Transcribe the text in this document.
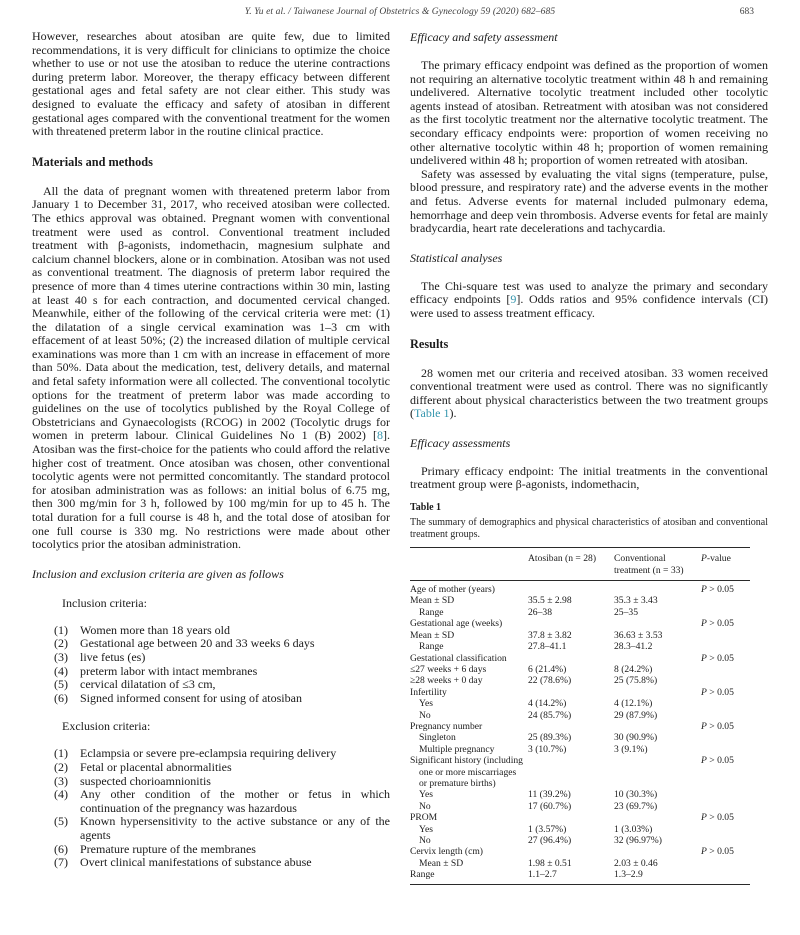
Y. Yu et al. / Taiwanese Journal of Obstetrics & Gynecology 59 (2020) 682–685	683

However, researches about atosiban are quite few, due to limited recommendations, it is very difficult for clinicians to optimize the choice whether to use or not use the atosiban to reduce the uterine contractions during preterm labor. Moreover, the therapy efficacy between different gestational ages and fetal safety are not clear either. This study was designed to evaluate the efficacy and safety of atosiban in different gestational ages compared with the conventional treatment for the women with threatened preterm labor in the routine clinical practice.

Materials and methods

All the data of pregnant women with threatened preterm labor from January 1 to December 31, 2017, who received atosiban were collected. The ethics approval was obtained. Pregnant women with conventional treatment were used as control. Conventional treatment included treatment with β-agonists, indomethacin, magnesium sulphate and calcium channel blockers, alone or in combination. Atosiban was not used as conventional treatment. The diagnosis of preterm labor required the presence of more than 4 times uterine contractions within 30 min, lasting at least 40 s for each contraction, and documented cervical changed. Meanwhile, either of the following of the cervical criteria were met: (1) the dilatation of a single cervical examination was 1–3 cm with effacement of at least 50%; (2) the increased dilation of multiple cervical examinations was more than 1 cm with an increase in effacement of more than 50%. Data about the medication, test, delivery details, and maternal and fetal safety information were all collected. The conventional tocolytic options for the treatment of preterm labor was made according to guidelines on the use of tocolytics published by the Royal College of Obstetricians and Gynaecologists (RCOG) in 2002 (Tocolytic drugs for women in preterm labour. Clinical Guidelines No 1 (B) 2002) [8]. Atosiban was the first-choice for the patients who could afford the relative higher cost of treatment. Once atosiban was chosen, other conventional tocolytic agents were not permitted concomitantly. The standard protocol for atosiban administration was as follows: an initial bolus of 6.75 mg, then 300 mg/min for 3 h, followed by 100 mg/min for up to 45 h. The total duration for a full course is 48 h, and the total dose of atosiban for one full course is 330 mg. No restrictions were made about other tocolytics prior the atosiban administration.

Inclusion and exclusion criteria are given as follows
Inclusion criteria:
(1)	Women more than 18 years old
(2)	Gestational age between 20 and 33 weeks 6 days
(3)	live fetus (es)
(4)	preterm labor with intact membranes
(5)	cervical dilatation of ≤3 cm,
(6)	Signed informed consent for using of atosiban
Exclusion criteria:
(1)	Eclampsia or severe pre-eclampsia requiring delivery
(2)	Fetal or placental abnormalities
(3)	suspected chorioamnionitis
(4)	Any other condition of the mother or fetus in which continuation of the pregnancy was hazardous
(5)	Known hypersensitivity to the active substance or any of the agents
(6)	Premature rupture of the membranes
(7)	Overt clinical manifestations of substance abuse
Efficacy and safety assessment

The primary efficacy endpoint was defined as the proportion of women not requiring an alternative tocolytic treatment within 48 h and remaining undelivered. Alternative tocolytic treatment included other tocolytic agents instead of atosiban. Retreatment with atosiban was not considered as the first tocolytic treatment nor the alternative tocolytic treatment. The secondary efficacy endpoints were: proportion of women receiving no other alternative tocolytic within 48 h; proportion of women remaining undelivered within 48 h; proportion of women retreated with atosiban.

Safety was assessed by evaluating the vital signs (temperature, pulse, blood pressure, and respiratory rate) and the adverse events in the mother and fetus. Adverse events for maternal included pulmonary edema, hemorrhage and deep vein thrombosis. Adverse events for fetal are mainly bradycardia, heart rate decelerations and tachycardia.

Statistical analyses

The Chi-square test was used to analyze the primary and secondary efficacy endpoints [9]. Odds ratios and 95% confidence intervals (CI) were used to assess treatment efficacy.

Results

28 women met our criteria and received atosiban. 33 women received conventional treatment were used as control. There was no significantly different about physical characteristics between the two treatment groups (Table 1).

Efficacy assessments

Primary efficacy endpoint: The initial treatments in the conventional treatment group were β-agonists, indomethacin,

Table 1
The summary of demographics and physical characteristics of atosiban and conventional treatment groups.
	Atosiban (n = 28)	Conventional treatment (n = 33)	P-value
Age of mother (years)			P > 0.05
Mean ± SD	35.5 ± 2.98	35.3 ± 3.43	
Range	26–38	25–35	
Gestational age (weeks)			P > 0.05
Mean ± SD	37.8 ± 3.82	36.63 ± 3.53	
Range	27.8–41.1	28.3–41.2	
Gestational classification			P > 0.05
≤27 weeks + 6 days	6 (21.4%)	8 (24.2%)	
≥28 weeks + 0 day	22 (78.6%)	25 (75.8%)	
Infertility			P > 0.05
Yes	4 (14.2%)	4 (12.1%)	
No	24 (85.7%)	29 (87.9%)	
Pregnancy number			P > 0.05
Singleton	25 (89.3%)	30 (90.9%)	
Multiple pregnancy	3 (10.7%)	3 (9.1%)	
Significant history (including one or more miscarriages or premature births)			P > 0.05
Yes	11 (39.2%)	10 (30.3%)	
No	17 (60.7%)	23 (69.7%)	
PROM			P > 0.05
Yes	1 (3.57%)	1 (3.03%)	
No	27 (96.4%)	32 (96.97%)	
Cervix length (cm)			P > 0.05
Mean ± SD	1.98 ± 0.51	2.03 ± 0.46	
Range	1.1–2.7	1.3–2.9	
